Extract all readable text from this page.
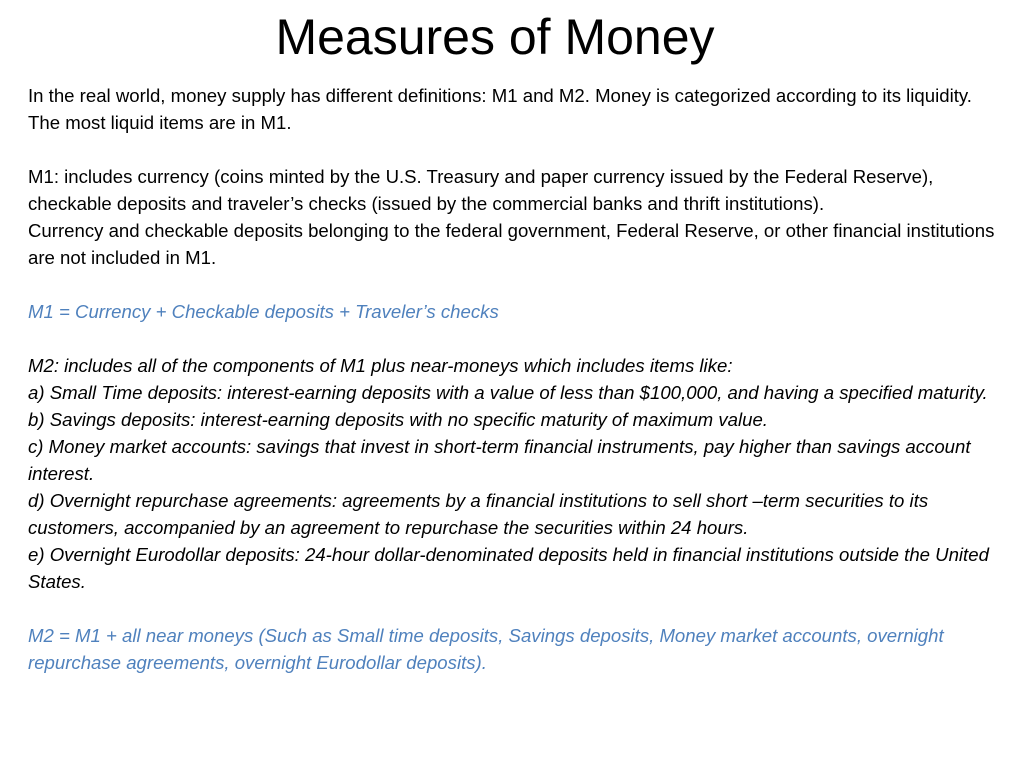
Measures of Money

In the real world, money supply has different definitions: M1 and M2. Money is categorized according to its liquidity. The most liquid items are in M1.

M1: includes currency (coins minted by the U.S. Treasury and paper currency issued by the Federal Reserve), checkable deposits and traveler’s checks (issued by the commercial banks and thrift institutions).

Currency and checkable deposits belonging to the federal government, Federal Reserve, or other financial institutions are not included in M1.

M1 = Currency + Checkable deposits + Traveler’s checks

M2: includes all of the components of M1 plus near-moneys which includes items like:

a) Small Time deposits: interest-earning deposits with a value of less than $100,000, and having a specified maturity.

b) Savings deposits: interest-earning deposits with no specific maturity of maximum value.

c) Money market accounts: savings that invest in short-term financial instruments, pay higher than savings account interest.

d) Overnight repurchase agreements: agreements by a financial institutions to sell short –term securities to its customers, accompanied by an agreement to repurchase the securities within 24 hours.

e) Overnight Eurodollar deposits: 24-hour dollar-denominated deposits held in financial institutions outside the United States.

M2 = M1 + all near moneys (Such as Small time deposits, Savings deposits, Money market accounts, overnight repurchase agreements, overnight Eurodollar deposits).
